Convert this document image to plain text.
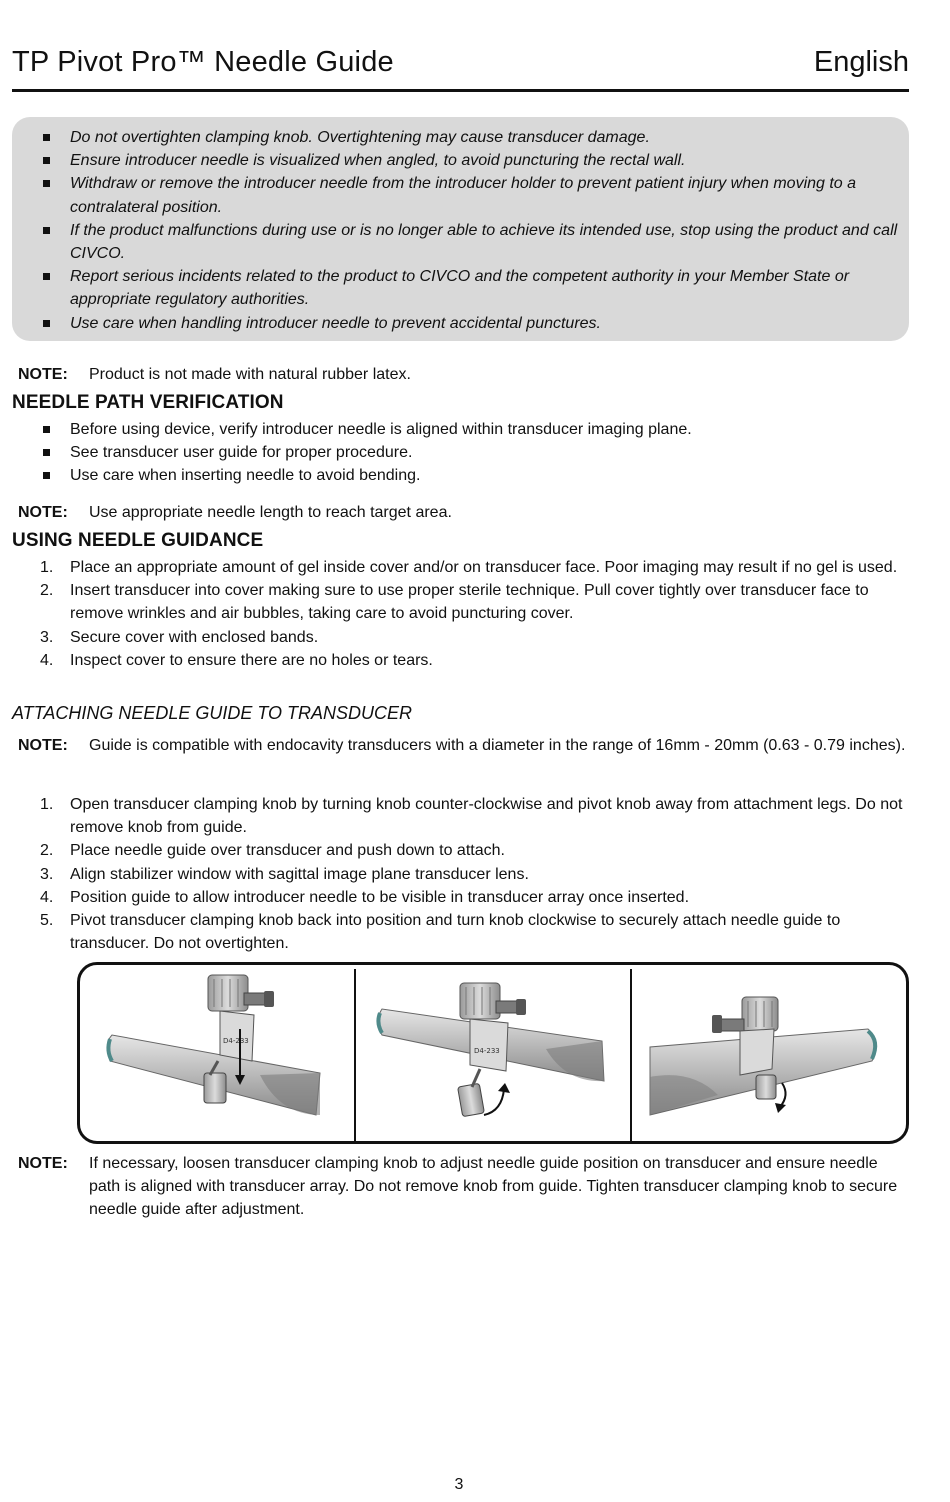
TP Pivot Pro™ Needle Guide	English
Do not overtighten clamping knob. Overtightening may cause transducer damage.
Ensure introducer needle is visualized when angled, to avoid puncturing the rectal wall.
Withdraw or remove the introducer needle from the introducer holder to prevent patient injury when moving to a contralateral position.
If the product malfunctions during use or is no longer able to achieve its intended use, stop using the product and call CIVCO.
Report serious incidents related to the product to CIVCO and the competent authority in your Member State or appropriate regulatory authorities.
Use care when handling introducer needle to prevent accidental punctures.
NOTE: Product is not made with natural rubber latex.
NEEDLE PATH VERIFICATION
Before using device, verify introducer needle is aligned within transducer imaging plane.
See transducer user guide for proper procedure.
Use care when inserting needle to avoid bending.
NOTE: Use appropriate needle length to reach target area.
USING NEEDLE GUIDANCE
1. Place an appropriate amount of gel inside cover and/or on transducer face. Poor imaging may result if no gel is used.
2. Insert transducer into cover making sure to use proper sterile technique. Pull cover tightly over transducer face to remove wrinkles and air bubbles, taking care to avoid puncturing cover.
3. Secure cover with enclosed bands.
4. Inspect cover to ensure there are no holes or tears.
ATTACHING NEEDLE GUIDE TO TRANSDUCER
NOTE: Guide is compatible with endocavity transducers with a diameter in the range of 16mm - 20mm (0.63 - 0.79 inches).
1. Open transducer clamping knob by turning knob counter-clockwise and pivot knob away from attachment legs. Do not remove knob from guide.
2. Place needle guide over transducer and push down to attach.
3. Align stabilizer window with sagittal image plane transducer lens.
4. Position guide to allow introducer needle to be visible in transducer array once inserted.
5. Pivot transducer clamping knob back into position and turn knob clockwise to securely attach needle guide to transducer. Do not overtighten.
D4-233
D4-233
NOTE: If necessary, loosen transducer clamping knob to adjust needle guide position on transducer and ensure needle path is aligned with transducer array. Do not remove knob from guide. Tighten transducer clamping knob to secure needle guide after adjustment.
3
